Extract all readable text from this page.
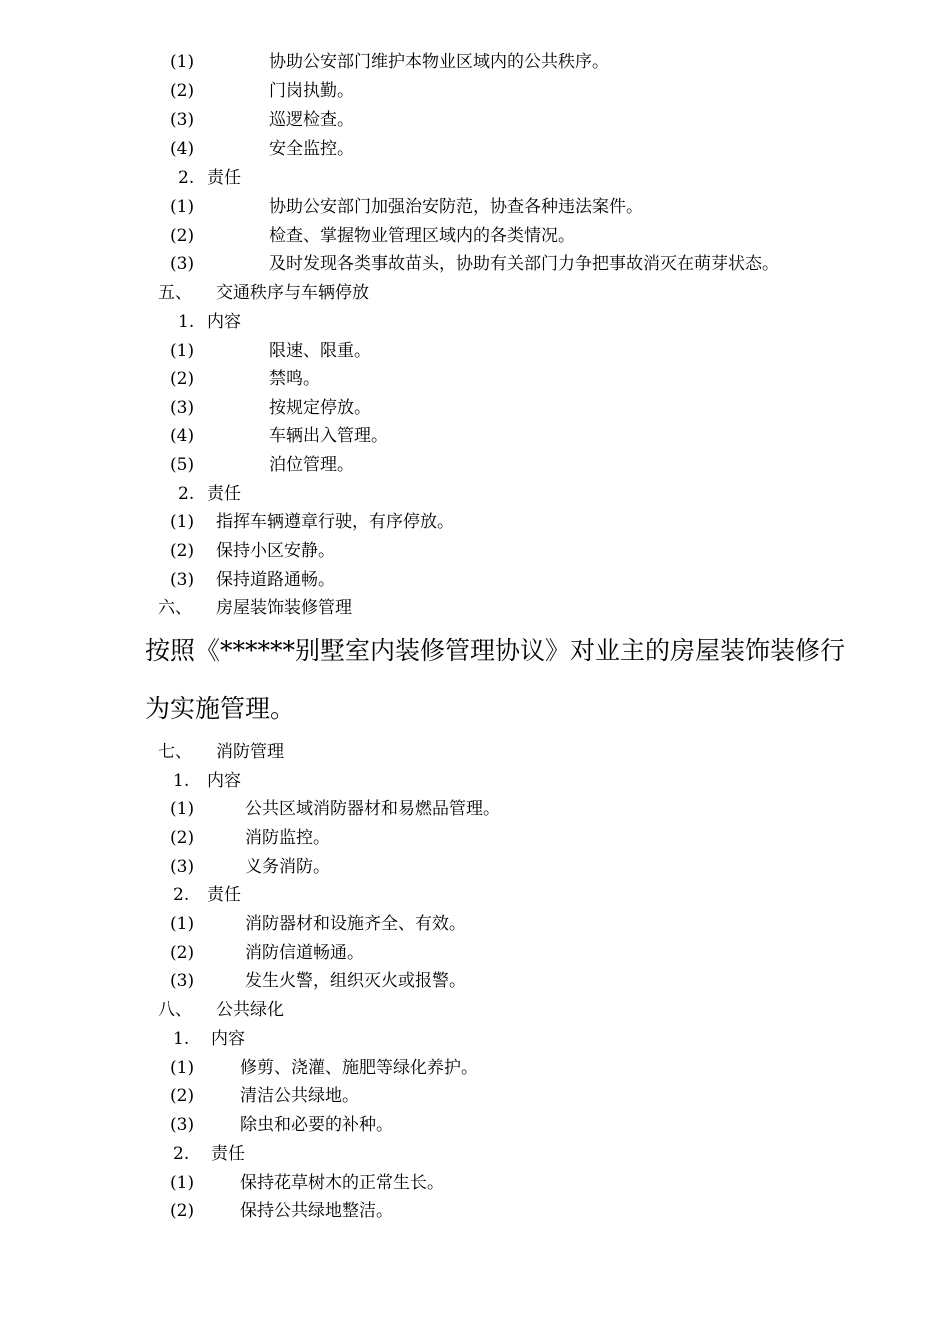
(1)	协助公安部门维护本物业区域内的公共秩序。
(2)	门岗执勤。
(3)	巡逻检查。
(4)	安全监控。
2. 责任
(1)	协助公安部门加强治安防范，协查各种违法案件。
(2)	检查、掌握物业管理区域内的各类情况。
(3)	及时发现各类事故苗头，协助有关部门力争把事故消灭在萌芽状态。
五、 交通秩序与车辆停放
1. 内容
(1)	限速、限重。
(2)	禁鸣。
(3)	按规定停放。
(4)	车辆出入管理。
(5)	泊位管理。
2. 责任
(1) 指挥车辆遵章行驶，有序停放。
(2) 保持小区安静。
(3) 保持道路通畅。
六、 房屋装饰装修管理
按照《******别墅室内装修管理协议》对业主的房屋装饰装修行
为实施管理。
七、 消防管理
1. 内容
(1)	公共区域消防器材和易燃品管理。
(2)	消防监控。
(3)	义务消防。
2. 责任
(1)	消防器材和设施齐全、有效。
(2)	消防信道畅通。
(3)	发生火警，组织灭火或报警。
八、 公共绿化
1. 内容
(1)	修剪、浇灌、施肥等绿化养护。
(2)	清洁公共绿地。
(3)	除虫和必要的补种。
2. 责任
(1)	保持花草树木的正常生长。
(2)	保持公共绿地整洁。
